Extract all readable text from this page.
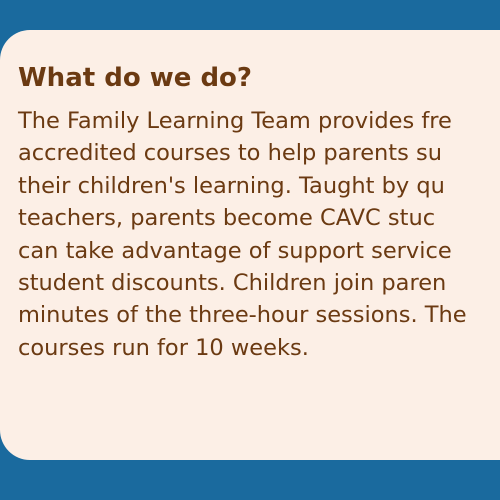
What do we do?
The Family Learning Team provides fre
accredited courses to help parents su
their children's learning. Taught by qu
teachers, parents become CAVC stuc
can take advantage of support service
student discounts. Children join paren
minutes of the three-hour sessions. The
courses run for 10 weeks.
